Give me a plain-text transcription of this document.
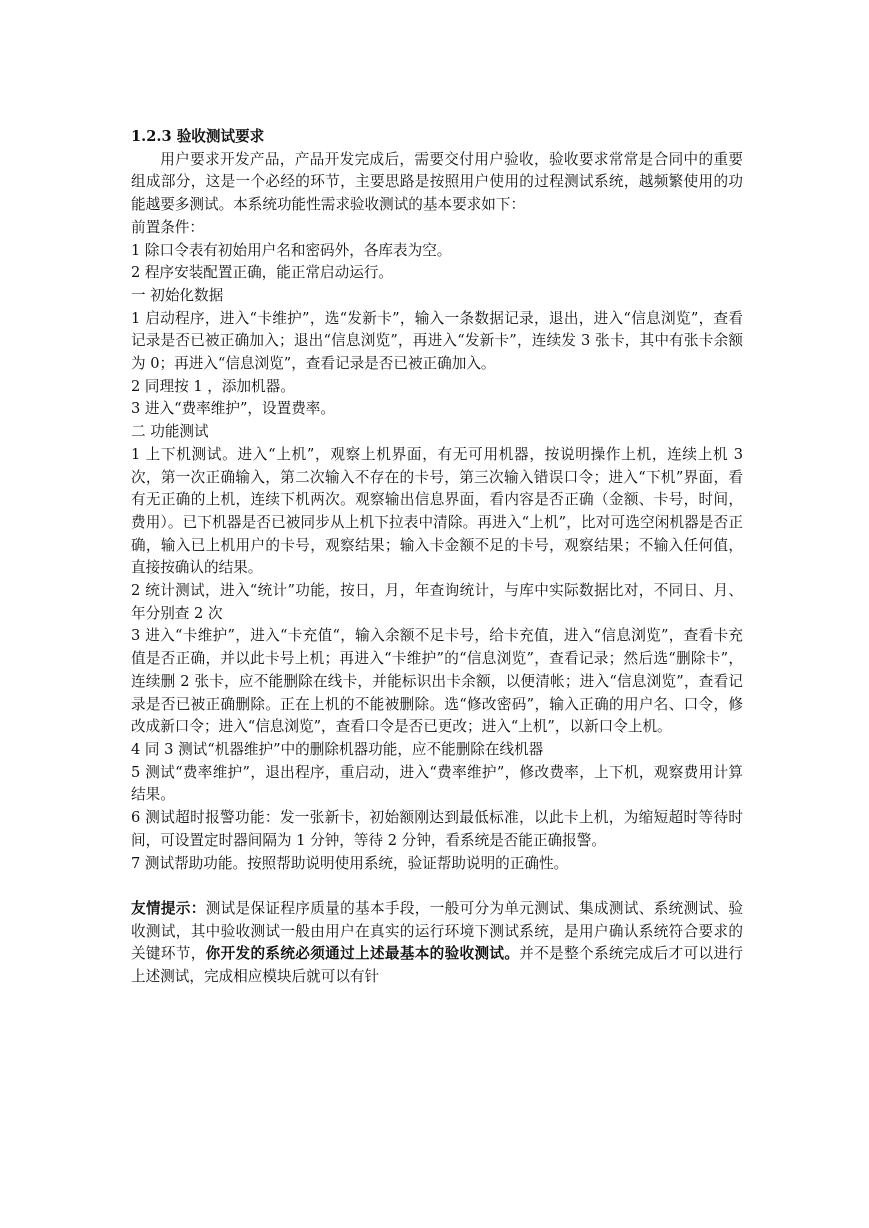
1.2.3 验收测试要求

用户要求开发产品，产品开发完成后，需要交付用户验收，验收要求常常是合同中的重要组成部分，这是一个必经的环节，主要思路是按照用户使用的过程测试系统，越频繁使用的功能越要多测试。本系统功能性需求验收测试的基本要求如下：

前置条件：

1 除口令表有初始用户名和密码外，各库表为空。

2 程序安装配置正确，能正常启动运行。

一 初始化数据

1 启动程序，进入“卡维护”，选“发新卡”，输入一条数据记录，退出，进入“信息浏览”，查看记录是否已被正确加入；退出“信息浏览”，再进入“发新卡”，连续发 3 张卡，其中有张卡余额为 0；再进入“信息浏览”，查看记录是否已被正确加入。

2 同理按 1 ，添加机器。

3 进入“费率维护”，设置费率。

二 功能测试

1 上下机测试。进入“上机”，观察上机界面，有无可用机器，按说明操作上机，连续上机 3 次，第一次正确输入，第二次输入不存在的卡号，第三次输入错误口令；进入“下机”界面，看有无正确的上机，连续下机两次。观察输出信息界面，看内容是否正确（金额、卡号，时间，费用）。已下机器是否已被同步从上机下拉表中清除。再进入“上机”，比对可选空闲机器是否正确，输入已上机用户的卡号，观察结果；输入卡金额不足的卡号，观察结果；不输入任何值，直接按确认的结果。

2 统计测试，进入“统计”功能，按日，月，年查询统计，与库中实际数据比对，不同日、月、年分别查 2 次

3 进入“卡维护”，进入“卡充值“，输入余额不足卡号，给卡充值，进入“信息浏览”，查看卡充值是否正确，并以此卡号上机；再进入“卡维护”的“信息浏览”，查看记录；然后选“删除卡”，连续删 2 张卡，应不能删除在线卡，并能标识出卡余额，以便清帐；进入“信息浏览”，查看记录是否已被正确删除。正在上机的不能被删除。选“修改密码”，输入正确的用户名、口令，修改成新口令；进入“信息浏览”，查看口令是否已更改；进入“上机”，以新口令上机。

4 同 3 测试“机器维护”中的删除机器功能，应不能删除在线机器

5 测试“费率维护”，退出程序，重启动，进入“费率维护”，修改费率，上下机，观察费用计算结果。

6 测试超时报警功能：发一张新卡，初始额刚达到最低标准，以此卡上机，为缩短超时等待时间，可设置定时器间隔为 1 分钟，等待 2 分钟，看系统是否能正确报警。

7 测试帮助功能。按照帮助说明使用系统，验证帮助说明的正确性。

友情提示：测试是保证程序质量的基本手段，一般可分为单元测试、集成测试、系统测试、验收测试，其中验收测试一般由用户在真实的运行环境下测试系统，是用户确认系统符合要求的关键环节，你开发的系统必须通过上述最基本的验收测试。并不是整个系统完成后才可以进行上述测试，完成相应模块后就可以有针
